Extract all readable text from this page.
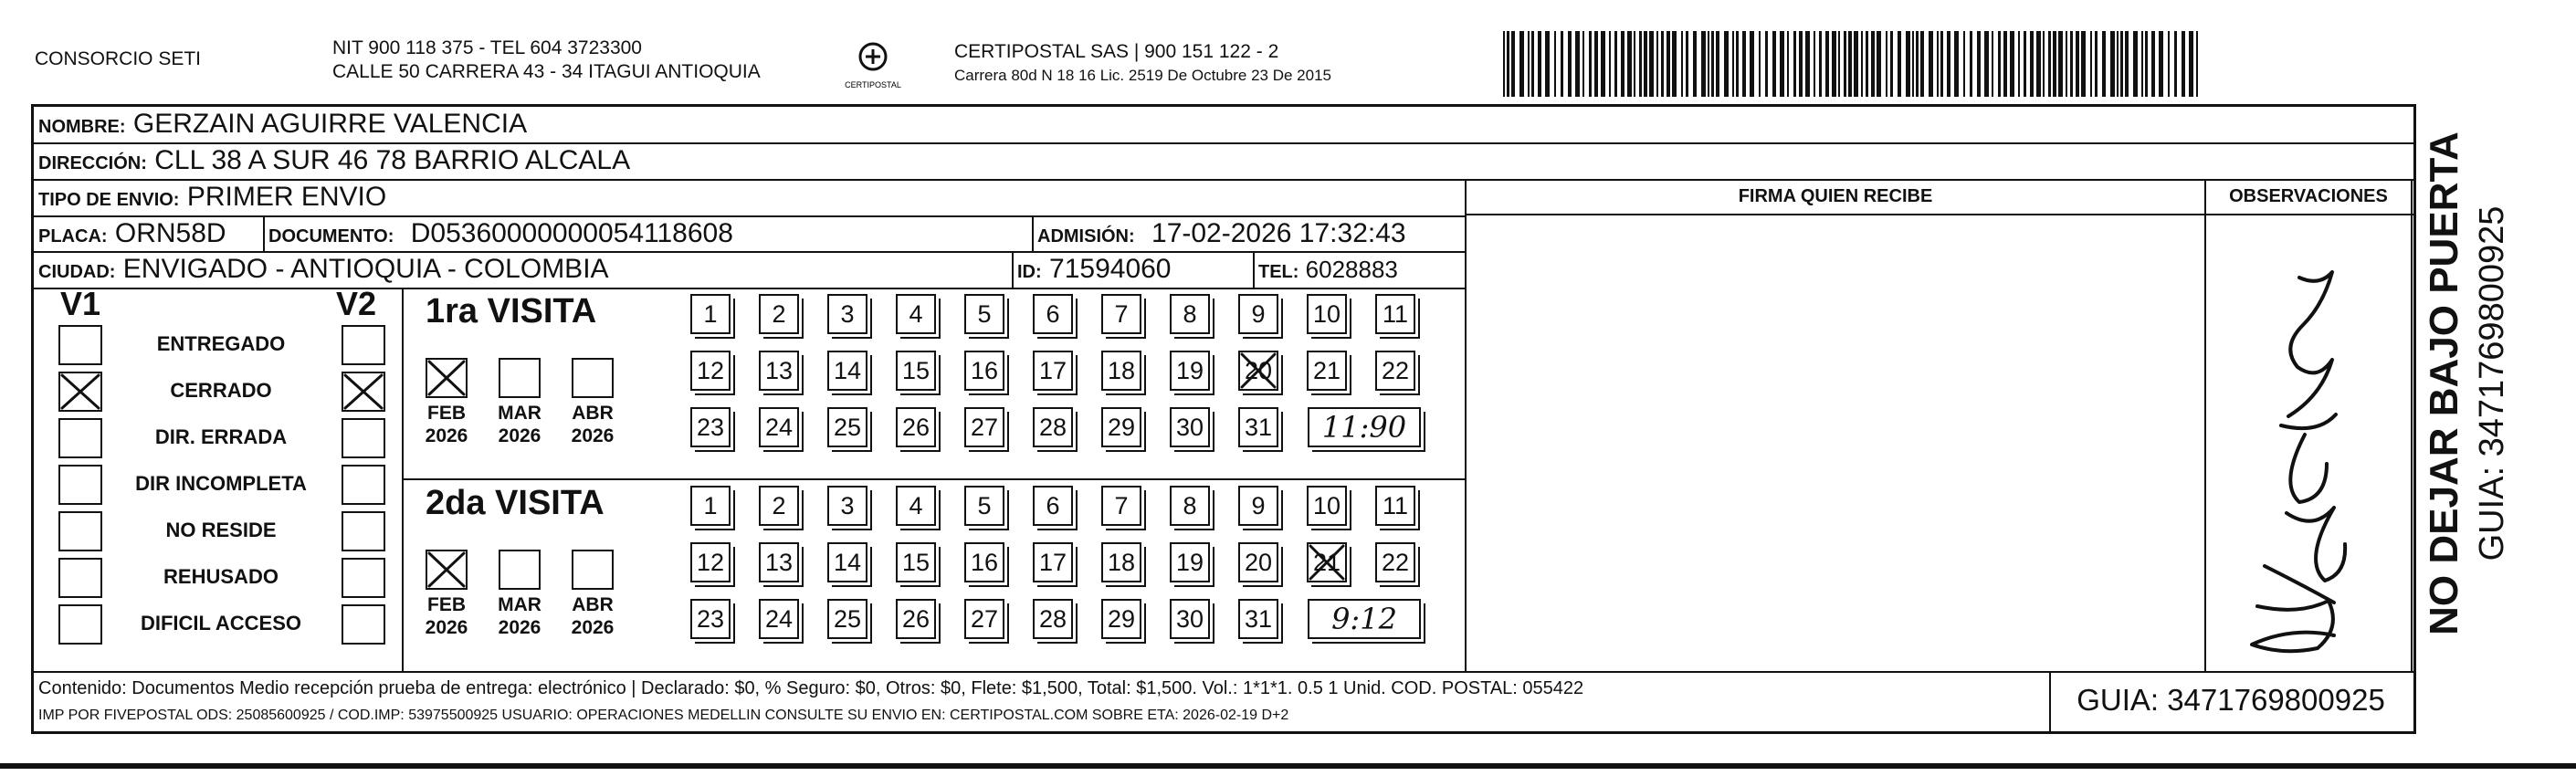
CONSORCIO SETI
NIT 900 118 375 - TEL 604 3723300
CALLE 50 CARRERA 43 - 34 ITAGUI ANTIOQUIA
CERTIPOSTAL
CERTIPOSTAL SAS | 900 151 122 - 2
Carrera 80d N 18 16 Lic. 2519 De Octubre 23 De 2015
NOMBRE: GERZAIN AGUIRRE VALENCIA
DIRECCIÓN: CLL 38 A SUR 46 78 BARRIO ALCALA
TIPO DE ENVIO: PRIMER ENVIO
PLACA: ORN58D DOCUMENTO: D05360000000054118608	ADMISIÓN: 17-02-2026 17:32:43
CIUDAD: ENVIGADO - ANTIOQUIA - COLOMBIA	ID: 71594060	TEL: 6028883
FIRMA QUIEN RECIBE	OBSERVACIONES
V1	V2
ENTREGADO
CERRADO
DIR. ERRADA
DIR INCOMPLETA
NO RESIDE
REHUSADO
DIFICIL ACCESO
1ra VISITA
FEB
2026
MAR
2026
ABR
2026
1	2	3	4	5	6	7	8	9	10 11
12 13 14 15 16 17 18 19 20 21 22
23 24 25 26 27 28 29 30 31	11:90
2da VISITA
FEB
2026
MAR
2026
ABR
2026
1	2	3	4	5	6	7	8	9	10 11
12 13 14 15 16 17 18 19 20 21 22
23 24 25 26 27 28 29 30 31	9:12
Contenido: Documentos Medio recepción prueba de entrega: electrónico | Declarado: $0, % Seguro: $0, Otros: $0, Flete: $1,500, Total: $1,500. Vol.: 1*1*1. 0.5 1 Unid. COD. POSTAL: 055422
IMP POR FIVEPOSTAL ODS: 25085600925 / COD.IMP: 53975500925 USUARIO: OPERACIONES MEDELLIN CONSULTE SU ENVIO EN: CERTIPOSTAL.COM SOBRE ETA: 2026-02-19 D+2	GUIA: 3471769800925
NO DEJAR BAJO PUERTA GUIA: 3471769800925
